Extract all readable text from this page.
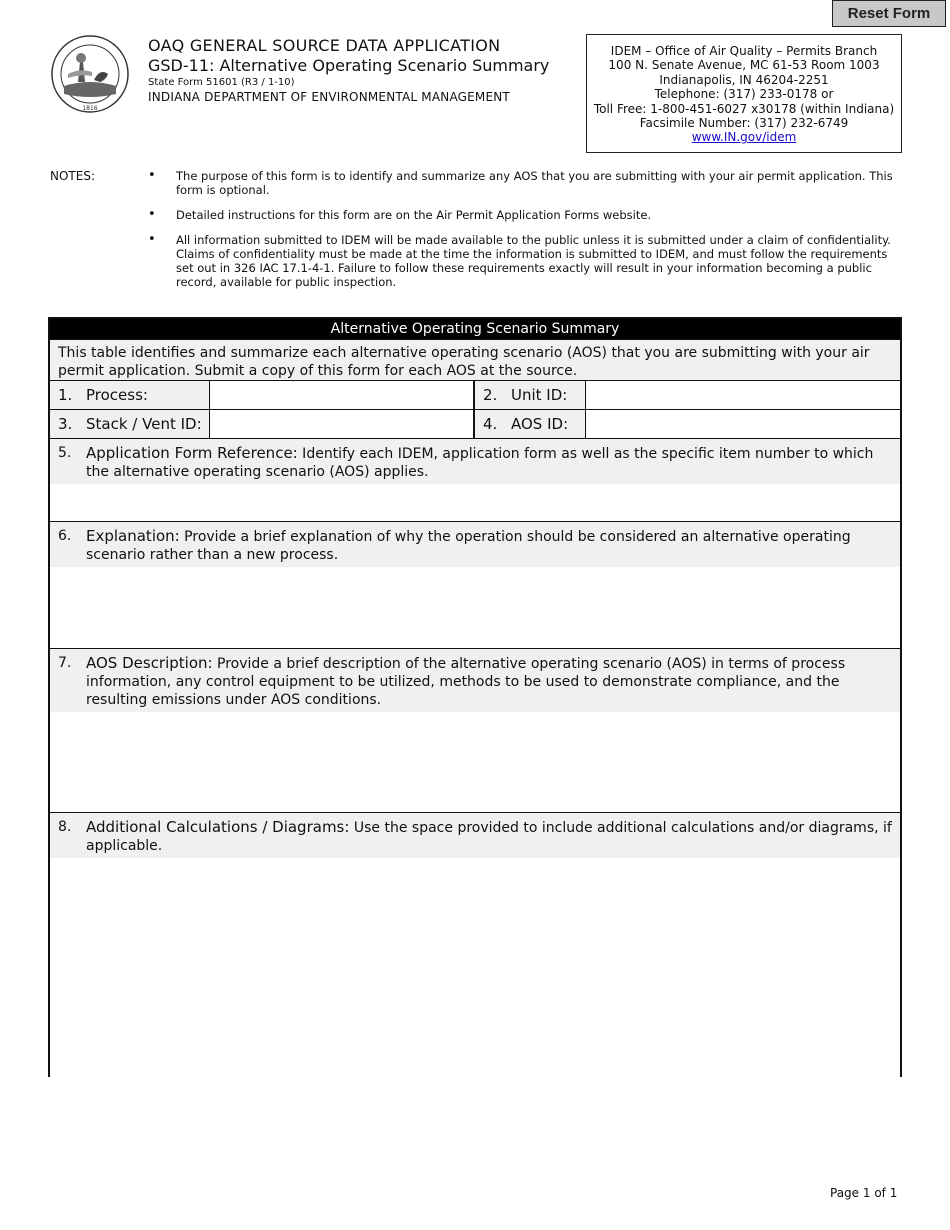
Reset Form
1816
OAQ GENERAL SOURCE DATA APPLICATION
GSD-11: Alternative Operating Scenario Summary
State Form 51601 (R3 / 1-10)
INDIANA DEPARTMENT OF ENVIRONMENTAL MANAGEMENT
IDEM – Office of Air Quality – Permits Branch
100 N. Senate Avenue, MC 61-53 Room 1003
Indianapolis, IN 46204-2251
Telephone: (317) 233-0178 or
Toll Free: 1-800-451-6027 x30178 (within Indiana)
Facsimile Number: (317) 232-6749
www.IN.gov/idem
NOTES:
•	The purpose of this form is to identify and summarize any AOS that you are submitting with your air permit application. This form is optional.
• Detailed instructions for this form are on the Air Permit Application Forms website.
• All information submitted to IDEM will be made available to the public unless it is submitted under a claim of confidentiality. Claims of confidentiality must be made at the time the information is submitted to IDEM, and must follow the requirements set out in 326 IAC 17.1-4-1. Failure to follow these requirements exactly will result in your information becoming a public record, available for public inspection.
Alternative Operating Scenario Summary
This table identifies and summarize each alternative operating scenario (AOS) that you are submitting with your air permit application. Submit a copy of this form for each AOS at the source.
1. Process:	2. Unit ID:
3. Stack / Vent ID:	4. AOS ID:
5. Application Form Reference: Identify each IDEM, application form as well as the specific item number to which the alternative operating scenario (AOS) applies.
6. Explanation: Provide a brief explanation of why the operation should be considered an alternative operating scenario rather than a new process.
7. AOS Description: Provide a brief description of the alternative operating scenario (AOS) in terms of process information, any control equipment to be utilized, methods to be used to demonstrate compliance, and the resulting emissions under AOS conditions.
8. Additional Calculations / Diagrams: Use the space provided to include additional calculations and/or diagrams, if applicable.
Page 1 of 1
